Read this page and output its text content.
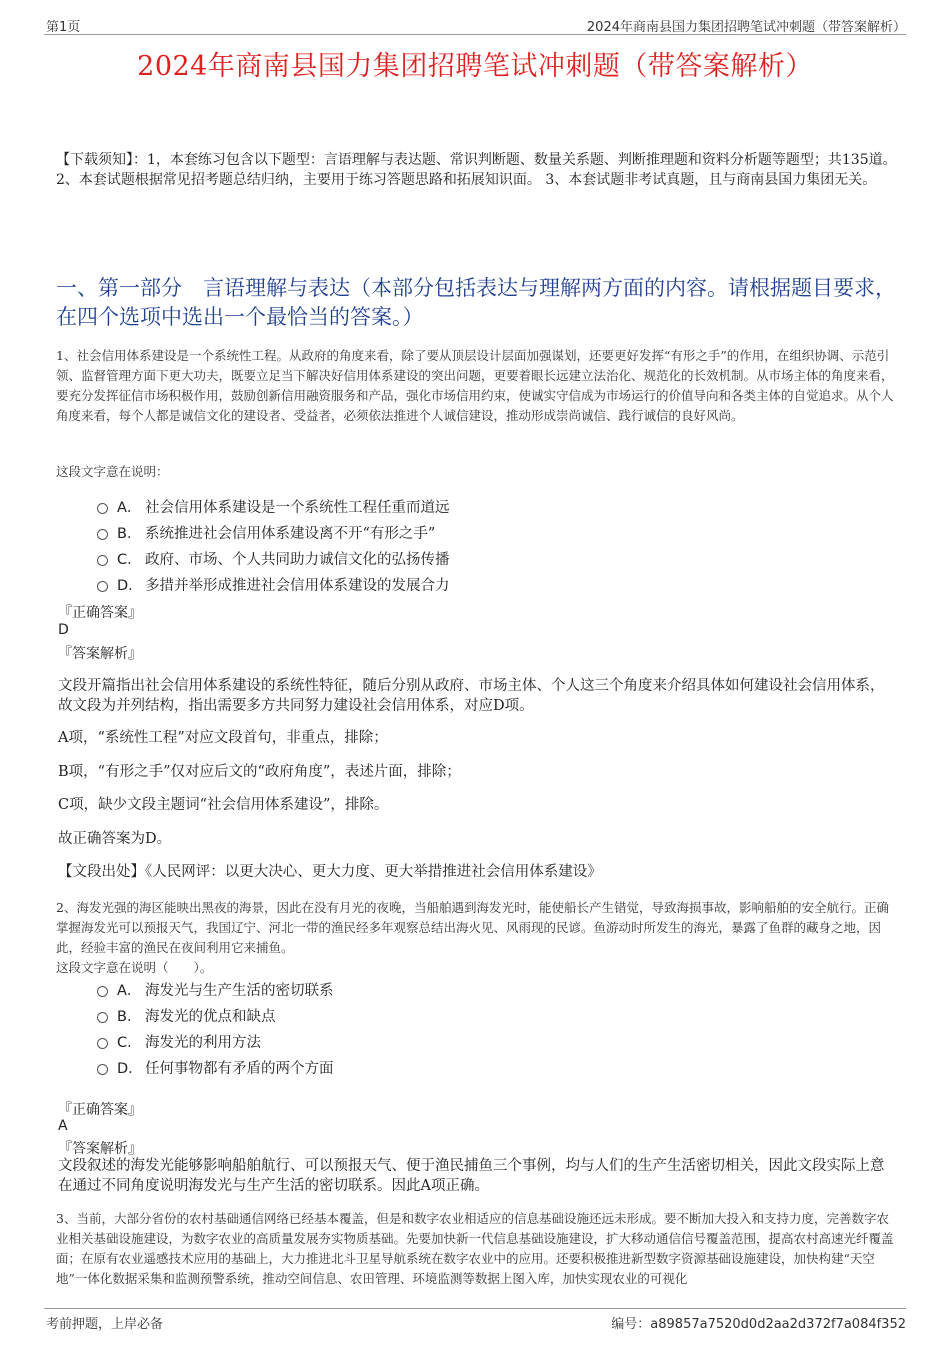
第1页	2024年商南县国力集团招聘笔试冲刺题（带答案解析）
2024年商南县国力集团招聘笔试冲刺题（带答案解析）
【下载须知】：1，本套练习包含以下题型：言语理解与表达题、常识判断题、数量关系题、判断推理题和资料分析题等题型；共135道。 2、本套试题根据常见招考题总结归纳，主要用于练习答题思路和拓展知识面。 3、本套试题非考试真题，且与商南县国力集团无关。
一、第一部分　言语理解与表达（本部分包括表达与理解两方面的内容。请根据题目要求，在四个选项中选出一个最恰当的答案。）
1、社会信用体系建设是一个系统性工程。从政府的角度来看，除了要从顶层设计层面加强谋划，还要更好发挥“有形之手”的作用，在组织协调、示范引领、监督管理方面下更大功夫，既要立足当下解决好信用体系建设的突出问题，更要着眼长远建立法治化、规范化的长效机制。从市场主体的角度来看，要充分发挥征信市场积极作用，鼓励创新信用融资服务和产品，强化市场信用约束，使诚实守信成为市场运行的价值导向和各类主体的自觉追求。从个人角度来看，每个人都是诚信文化的建设者、受益者，必须依法推进个人诚信建设，推动形成崇尚诚信、践行诚信的良好风尚。
这段文字意在说明：
A． 社会信用体系建设是一个系统性工程任重而道远
B． 系统推进社会信用体系建设离不开“有形之手”
C． 政府、市场、个人共同助力诚信文化的弘扬传播
D． 多措并举形成推进社会信用体系建设的发展合力
『正确答案』
D
『答案解析』
文段开篇指出社会信用体系建设的系统性特征，随后分别从政府、市场主体、个人这三个角度来介绍具体如何建设社会信用体系，故文段为并列结构，指出需要多方共同努力建设社会信用体系，对应D项。
A项，“系统性工程”对应文段首句，非重点，排除；
B项，“有形之手”仅对应后文的“政府角度”，表述片面，排除；
C项，缺少文段主题词“社会信用体系建设”，排除。
故正确答案为D。
【文段出处】《人民网评：以更大决心、更大力度、更大举措推进社会信用体系建设》
2、海发光强的海区能映出黑夜的海景，因此在没有月光的夜晚，当船舶遇到海发光时，能使船长产生错觉，导致海损事故，影响船舶的安全航行。正确掌握海发光可以预报天气，我国辽宁、河北一带的渔民经多年观察总结出海火见、风雨现的民谚。鱼游动时所发生的海光，暴露了鱼群的藏身之地，因此，经验丰富的渔民在夜间利用它来捕鱼。
这段文字意在说明（　　）。
A． 海发光与生产生活的密切联系
B． 海发光的优点和缺点
C． 海发光的利用方法
D． 任何事物都有矛盾的两个方面
『正确答案』
A
『答案解析』
文段叙述的海发光能够影响船舶航行、可以预报天气、便于渔民捕鱼三个事例，均与人们的生产生活密切相关，因此文段实际上意在通过不同角度说明海发光与生产生活的密切联系。因此A项正确。
3、当前，大部分省份的农村基础通信网络已经基本覆盖，但是和数字农业相适应的信息基础设施还远未形成。要不断加大投入和支持力度，完善数字农业相关基础设施建设，为数字农业的高质量发展夯实物质基础。先要加快新一代信息基础设施建设，扩大移动通信信号覆盖范围，提高农村高速光纤覆盖面；在原有农业遥感技术应用的基础上，大力推进北斗卫星导航系统在数字农业中的应用。还要积极推进新型数字资源基础设施建设，加快构建“天空地”一体化数据采集和监测预警系统，推动空间信息、农田管理、环境监测等数据上图入库，加快实现农业的可视化
考前押题，上岸必备	编号：a89857a7520d0d2aa2d372f7a084f352
